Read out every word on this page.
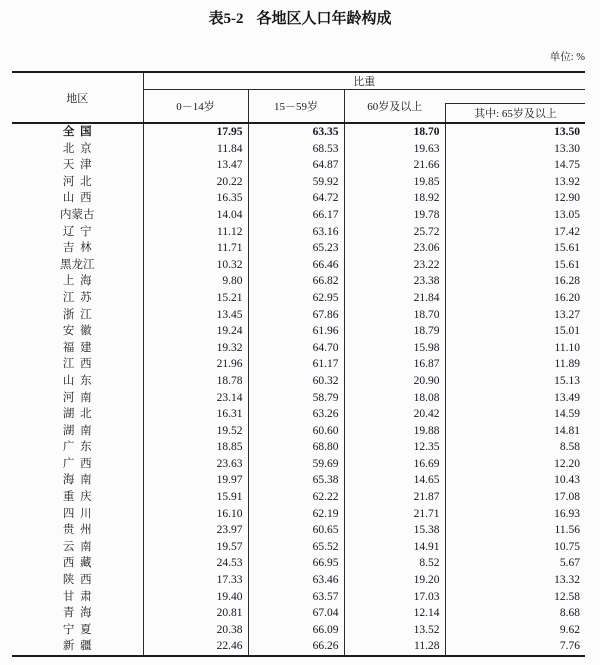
表5-2 各地区人口年龄构成
单位: %
地区	比重			
	0－14岁	15－59岁	60岁及以上	其中: 65岁及以上

全  国	17.95	63.35	18.70	13.50
北  京	11.84	68.53	19.63	13.30
天  津	13.47	64.87	21.66	14.75
河  北	20.22	59.92	19.85	13.92
山  西	16.35	64.72	18.92	12.90
内蒙古	14.04	66.17	19.78	13.05
辽  宁	11.12	63.16	25.72	17.42
吉  林	11.71	65.23	23.06	15.61
黑龙江	10.32	66.46	23.22	15.61
上  海	9.80	66.82	23.38	16.28
江  苏	15.21	62.95	21.84	16.20
浙  江	13.45	67.86	18.70	13.27
安  徽	19.24	61.96	18.79	15.01
福  建	19.32	64.70	15.98	11.10
江  西	21.96	61.17	16.87	11.89
山  东	18.78	60.32	20.90	15.13
河  南	23.14	58.79	18.08	13.49
湖  北	16.31	63.26	20.42	14.59
湖  南	19.52	60.60	19.88	14.81
广  东	18.85	68.80	12.35	8.58
广  西	23.63	59.69	16.69	12.20
海  南	19.97	65.38	14.65	10.43
重  庆	15.91	62.22	21.87	17.08
四  川	16.10	62.19	21.71	16.93
贵  州	23.97	60.65	15.38	11.56
云  南	19.57	65.52	14.91	10.75
西  藏	24.53	66.95	8.52	5.67
陕  西	17.33	63.46	19.20	13.32
甘  肃	19.40	63.57	17.03	12.58
青  海	20.81	67.04	12.14	8.68
宁  夏	20.38	66.09	13.52	9.62
新  疆	22.46	66.26	11.28	7.76
